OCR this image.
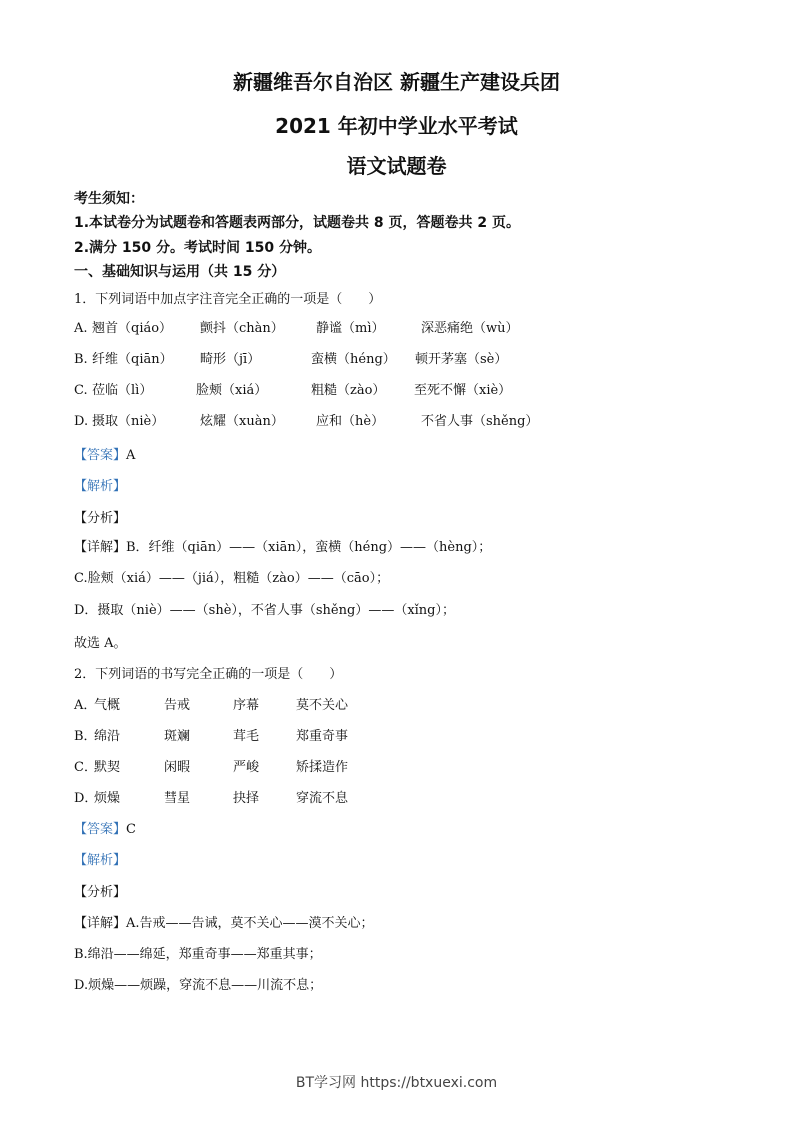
新疆维吾尔自治区 新疆生产建设兵团
2021 年初中学业水平考试
语文试题卷
考生须知：
1.本试卷分为试题卷和答题表两部分，试题卷共 8 页，答题卷共 2 页。
2.满分 150 分。考试时间 150 分钟。
一、基础知识与运用（共 15 分）
1．下列词语中加点字注音完全正确的一项是（　　）
A. 翘首（qiáo） 颤抖（chàn） 静谧（mì）	深恶痛绝（wù）
B. 纤维（qiān） 畸形（jī）	蛮横（héng） 顿开茅塞（sè）
C. 莅临（lì）	脸颊（xiá）	粗糙（zào） 至死不懈（xiè）
D. 摄取（niè）	炫耀（xuàn） 应和（hè）	不省人事（shěng）
【答案】A
【解析】
【分析】
【详解】B．纤维（qiān）——（xiān），蛮横（héng）——（hèng）；
C.脸颊（xiá）——（jiá），粗糙（zào）——（cāo）；
D．摄取（niè）——（shè），不省人事（shěng）——（xǐng）；
故选 A。
2．下列词语的书写完全正确的一项是（　　）
A．
气概	告戒	序幕	莫不关心
B．
绵沿	斑斓	茸毛	郑重奇事
C．
默契	闲暇	严峻	矫揉造作
D．
烦燥	彗星	抉择	穿流不息
【答案】C
【解析】
【分析】
【详解】A.告戒——告诫，莫不关心——漠不关心；
B.绵沿——绵延，郑重奇事——郑重其事；
D.烦燥——烦躁，穿流不息——川流不息；
BT学习网 https://btxuexi.com
